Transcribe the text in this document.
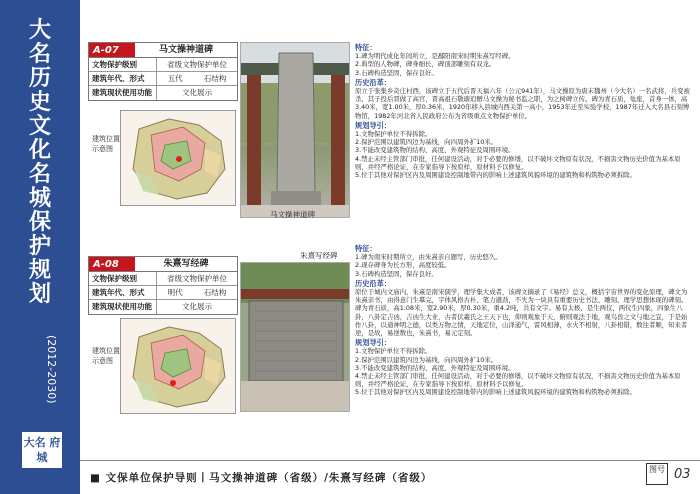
大
名
历
史
文
化
名
城
保
护
规
划
(2012-2030)
大名 府城
■ 文保单位保护导则丨马文操神道碑（省级）/朱熹写经碑（省级）
图号 03
A-07	马文操神道碑
文物保护级别	省级文物保护单位
建筑年代、形式	五代	石结构
建筑现状使用功能	文化展示
建筑位置示意图
马文操神道碑
特征：

1.碑为明代成化年间所立，是鄱阳南宋时期朱熹写经碑。

2.典型的人物碑，碑身细长，碑顶部雕刻有双龙。

3.石碑构造坚固，保存良好。

历史沿革：

原立于张集乡奇庄村西，该碑立于五代后晋天福六年（公元941年），马文操原为唐末魏州（今大名）一名武将，兵变被杀，其子投后晋做了高官，晋高祖石敬瑭追赠马文操为秘书监之职，为之树碑立传。碑为青石质，龟座，首身一体，高3.40米，宽1.00米，厚0.36米，1920年移入县城内西关第一高小，1953年迁至实验学校，1987年迁入大名县石刻博物馆，1982年河北省人民政府公布为省级重点文物保护单位。

规划导引：

1.文物保护单位不得拆除。

2.保护范围以建筑四边为基线，向四周外扩10米。

3.不能改变建筑物的结构、高度、外观特征及周围环境。

4.禁止未经主管部门审批，任何建设活动，对于必要的修缮，以不破坏文物原有状况，不损害文物历史价值为基本原则，并经严格论证，在专家指导下按原样，原材料予以修复。

5.位于其他对保护区内及周围建设控制地带内的影响上述建筑风貌环境的建筑物和构筑物必须拆除。

A-08	朱熹写经碑
文物保护级别	省级文物保护单位
建筑年代、形式	明代	石结构
建筑现状使用功能	文化展示
建筑位置示意图
朱熹写经碑
特征：

1.碑为南宋时期所立，由朱熹亲自题写，历史悠久。

2.现存碑身为长方形，高度较低。

3.石碑构造坚固，保存良好。

历史沿革：

原位于城内文庙内，朱熹是南宋儒学，理学集大成者，该碑文摘录了《易经》总义，概括宇宙世界的变化原理，碑文为朱熹亲书，由得意门生摹完，字体风格古朴、笔力遒劲，不失为一块具有重要历史书法、雕刻、理学思想体现的碑刻。碑为青石质，高1.08米，宽2.90米，厚0.30米，重4.2吨，共有文字。易有太极，是生两仪，两仪生四象，四象生八卦，八卦定吉凶，吉凶生大业，古者伏羲氏之王天下也，仰则观象于天，俯则观法于地，观鸟兽之文与地之宜，于是始作八卦，以通神明之德，以类万物之情，天地定位，山泽通气，雷风相薄，水火不相射，八卦相错，数往者顺，知来者逆，是故，易逆数也，朱熹书，易元定刻。

规划导引：

1.文物保护单位不得拆除。

2.保护范围以建筑四边为基线，向四周外扩10米。

3.不能改变建筑物的结构、高度、外观特征及周围环境。

4.禁止未经主管部门审批，任何建设活动，对于必要的修缮，以不破坏文物原有状况，不损害文物历史价值为基本原则，并经严格论证，在专家指导下按原样，原材料予以修复。

5.位于其他对保护区内及周围建设控制地带内的影响上述建筑风貌环境的建筑物和构筑物必须拆除。
